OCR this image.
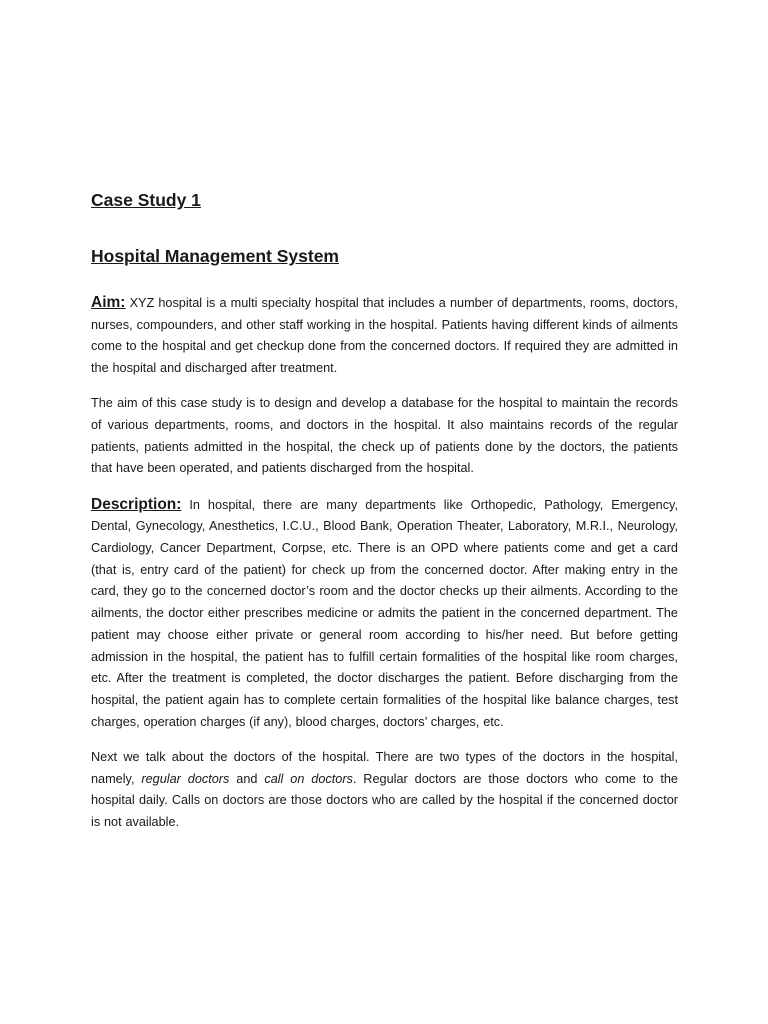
Case Study 1
Hospital Management System

Aim: XYZ hospital is a multi specialty hospital that includes a number of departments, rooms, doctors, nurses, compounders, and other staff working in the hospital. Patients having different kinds of ailments come to the hospital and get checkup done from the concerned doctors. If required they are admitted in the hospital and discharged after treatment.

The aim of this case study is to design and develop a database for the hospital to maintain the records of various departments, rooms, and doctors in the hospital. It also maintains records of the regular patients, patients admitted in the hospital, the check up of patients done by the doctors, the patients that have been operated, and patients discharged from the hospital.

Description: In hospital, there are many departments like Orthopedic, Pathology, Emergency, Dental, Gynecology, Anesthetics, I.C.U., Blood Bank, Operation Theater, Laboratory, M.R.I., Neurology, Cardiology, Cancer Department, Corpse, etc. There is an OPD where patients come and get a card (that is, entry card of the patient) for check up from the concerned doctor. After making entry in the card, they go to the concerned doctor’s room and the doctor checks up their ailments. According to the ailments, the doctor either prescribes medicine or admits the patient in the concerned department. The patient may choose either private or general room according to his/her need. But before getting admission in the hospital, the patient has to fulfill certain formalities of the hospital like room charges, etc. After the treatment is completed, the doctor discharges the patient. Before discharging from the hospital, the patient again has to complete certain formalities of the hospital like balance charges, test charges, operation charges (if any), blood charges, doctors’ charges, etc.

Next we talk about the doctors of the hospital. There are two types of the doctors in the hospital, namely, regular doctors and call on doctors. Regular doctors are those doctors who come to the hospital daily. Calls on doctors are those doctors who are called by the hospital if the concerned doctor is not available.
